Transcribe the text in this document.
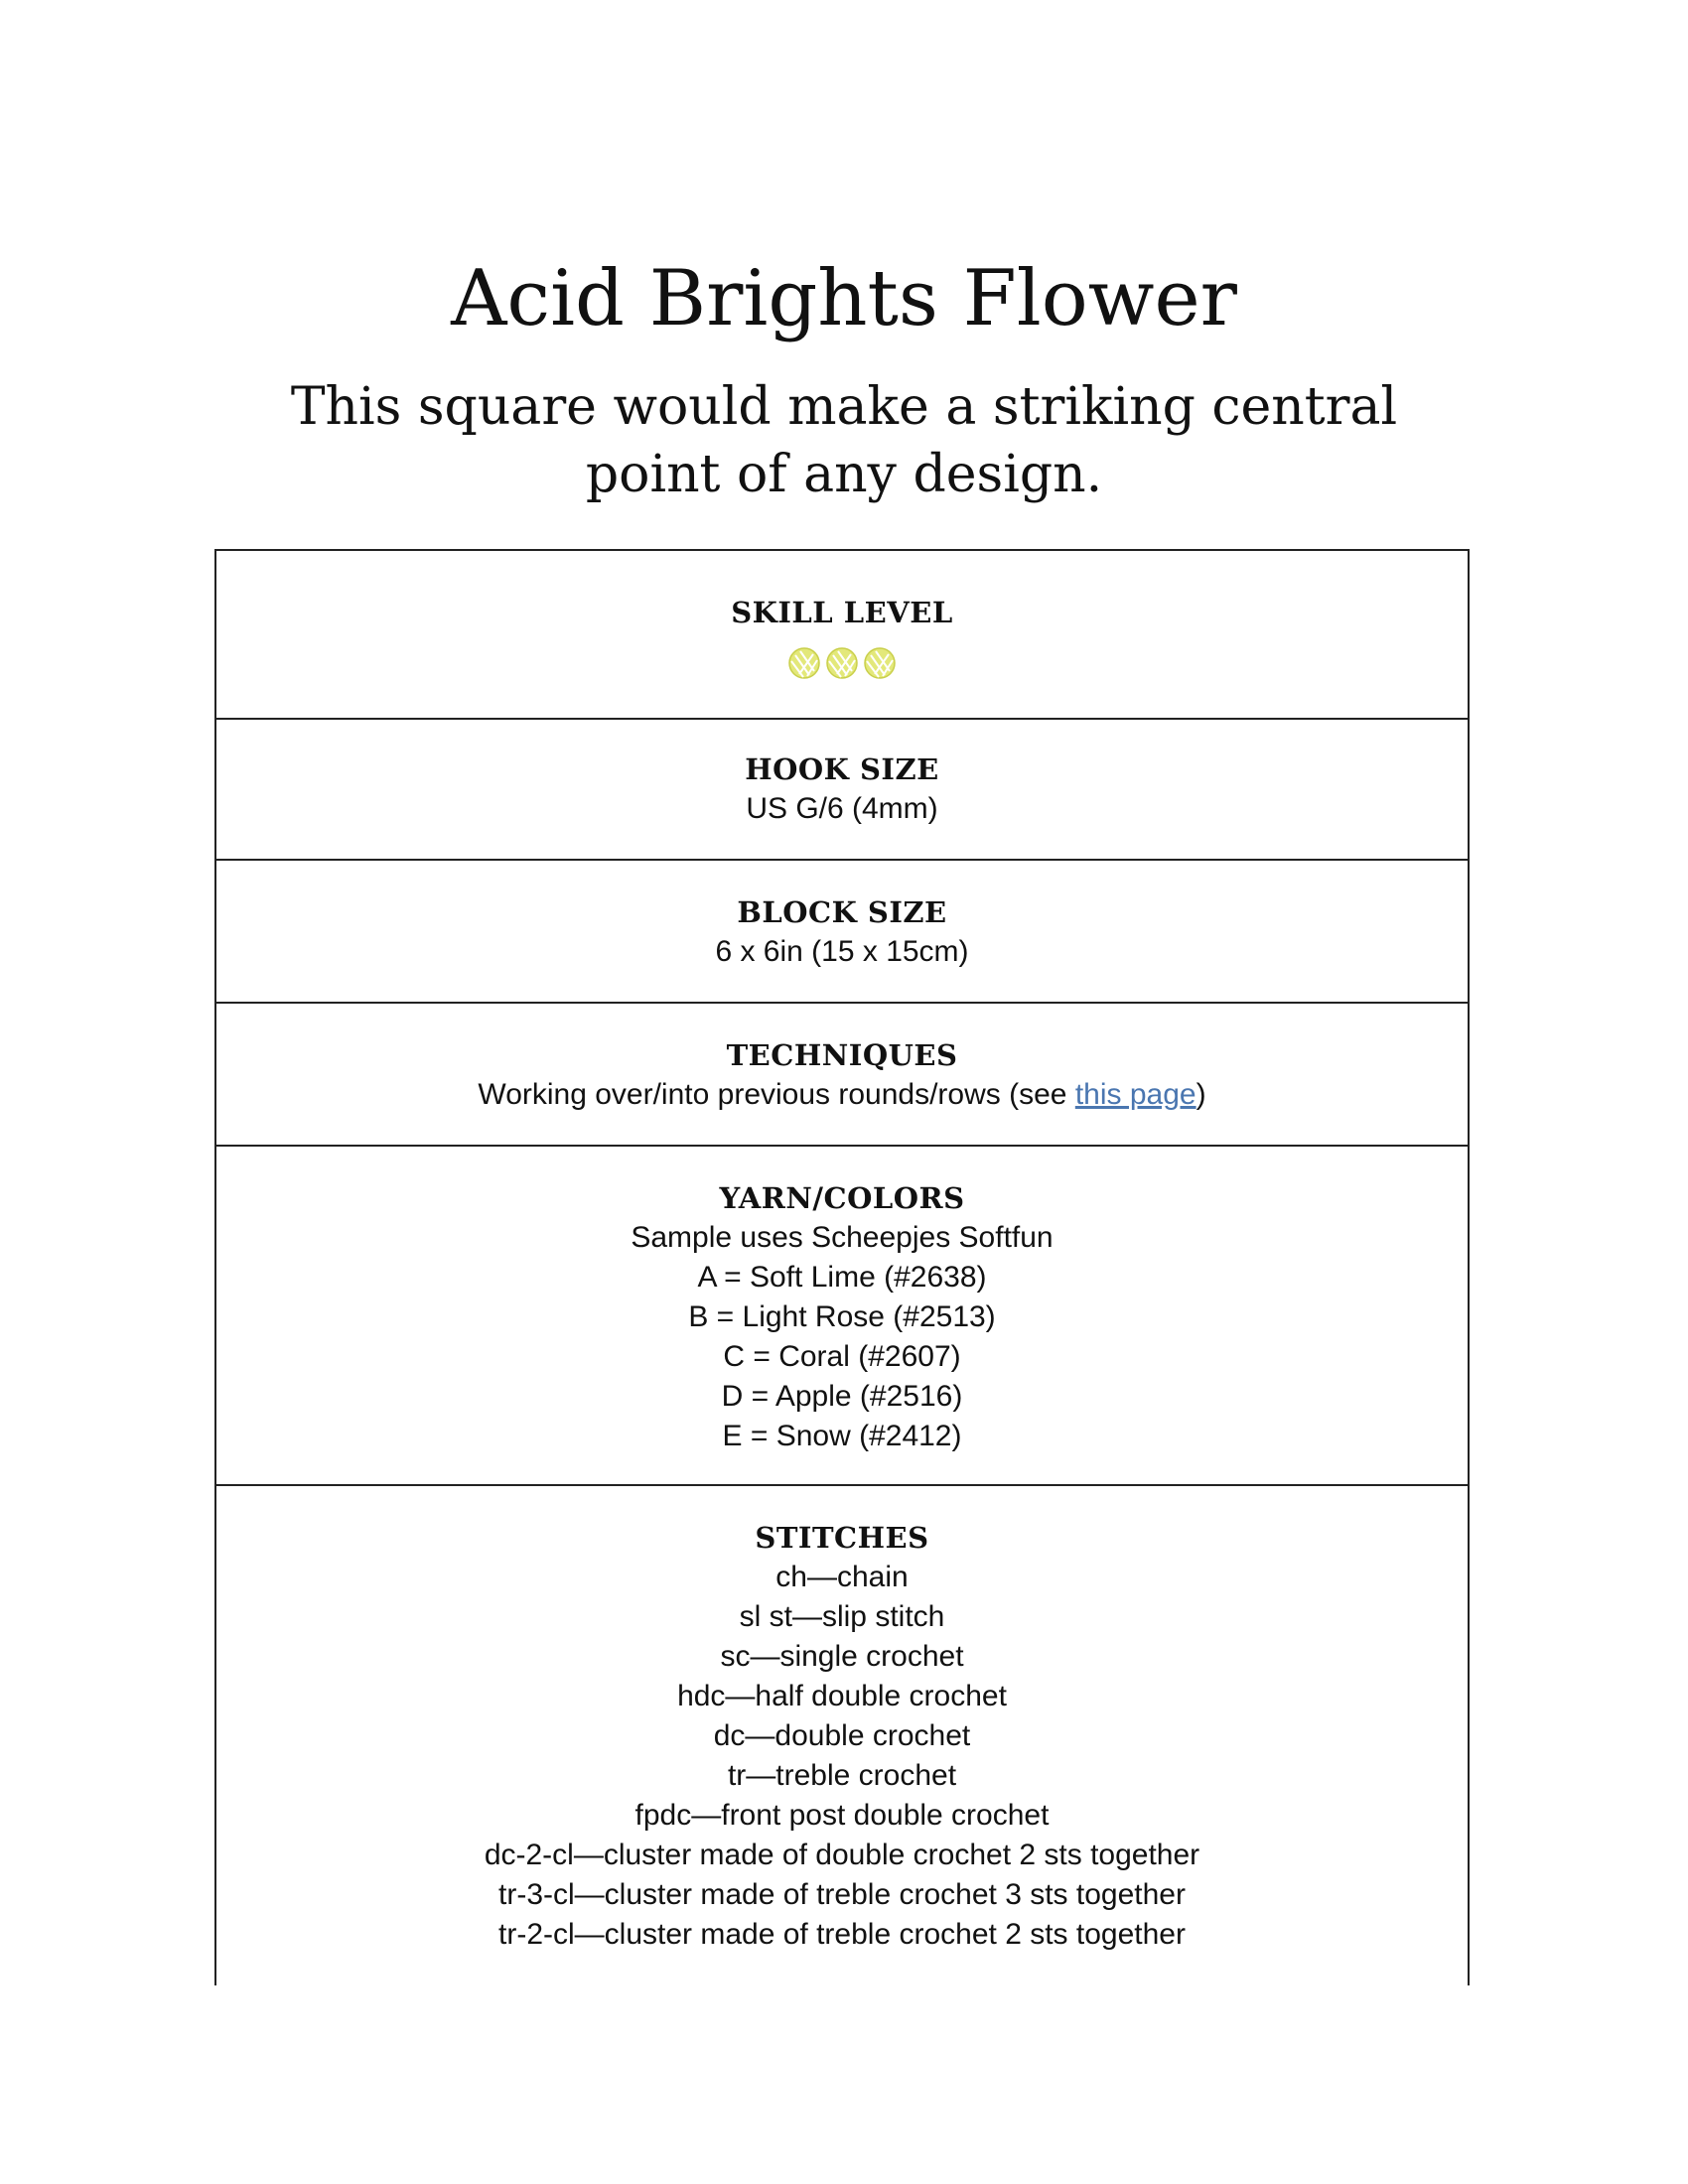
Acid Brights Flower

This square would make a striking central point of any design.

SKILL LEVEL
HOOK SIZE
US G/6 (4mm)
BLOCK SIZE
6 x 6in (15 x 15cm)
TECHNIQUES
Working over/into previous rounds/rows (see this page)
YARN/COLORS
Sample uses Scheepjes Softfun
A = Soft Lime (#2638)
B = Light Rose (#2513)
C = Coral (#2607)
D = Apple (#2516)
E = Snow (#2412)
STITCHES
ch—chain
sl st—slip stitch
sc—single crochet
hdc—half double crochet
dc—double crochet
tr—treble crochet
fpdc—front post double crochet
dc-2-cl—cluster made of double crochet 2 sts together
tr-3-cl—cluster made of treble crochet 3 sts together
tr-2-cl—cluster made of treble crochet 2 sts together
